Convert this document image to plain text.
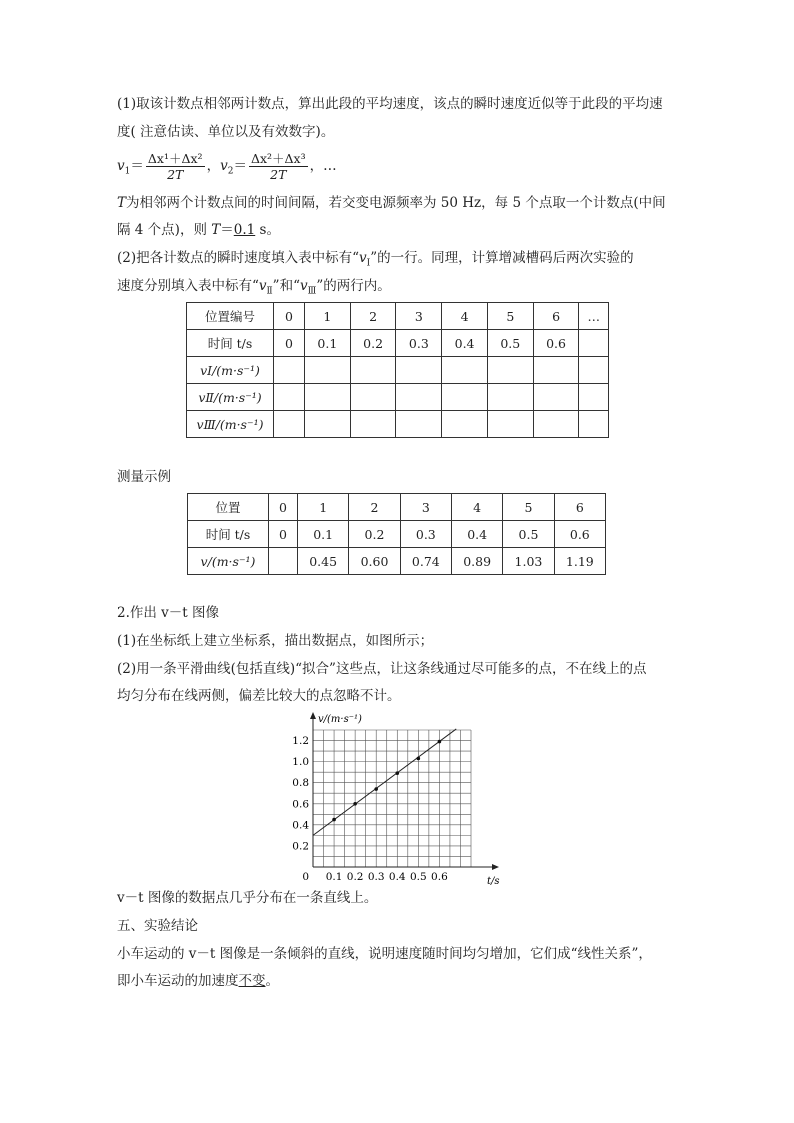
(1)取该计数点相邻两计数点，算出此段的平均速度，该点的瞬时速度近似等于此段的平均速
度( 注意估读、单位以及有效数字)。
$v_1= \frac{\text{Δx¹＋Δx²}}{2T}$ ，$v_2= \frac{\text{Δx²＋Δx³}}{2T}$ ，…
T为相邻两个计数点间的时间间隔，若交变电源频率为 50 Hz，每 5 个点取一个计数点(中间
隔 4 个点)，则 T＝0.1 s。
(2)把各计数点的瞬时速度填入表中标有“$v_Ⅰ$”的一行。同理，计算增减槽码后两次实验的
速度分别填入表中标有“$v_Ⅱ$”和“$v_Ⅲ$”的两行内。
位置编号	0	1	2	3	4	5	6	…
时间 t/s	0	0.1	0.2	0.3	0.4	0.5	0.6	
vⅠ/(m·s⁻¹)								
vⅡ/(m·s⁻¹)								
vⅢ/(m·s⁻¹)								
测量示例
位置	0	1	2	3	4	5	6
时间 t/s	0	0.1	0.2	0.3	0.4	0.5	0.6
v/(m·s⁻¹)		0.45	0.60	0.74	0.89	1.03	1.19
2.作出 v－t 图像
(1)在坐标纸上建立坐标系，描出数据点，如图所示；
(2)用一条平滑曲线(包括直线)“拟合”这些点，让这条线通过尽可能多的点，不在线上的点
均匀分布在线两侧，偏差比较大的点忽略不计。
0.1 0.2 0.3 0.4 0.5 0.6
0.2
0.4
0.6
0.8
1.0
1.2
0	t/s
v/(m·s⁻¹)
v－t 图像的数据点几乎分布在一条直线上。
五、实验结论
小车运动的 v－t 图像是一条倾斜的直线，说明速度随时间均匀增加，它们成“线性关系”，
即小车运动的加速度不变。
